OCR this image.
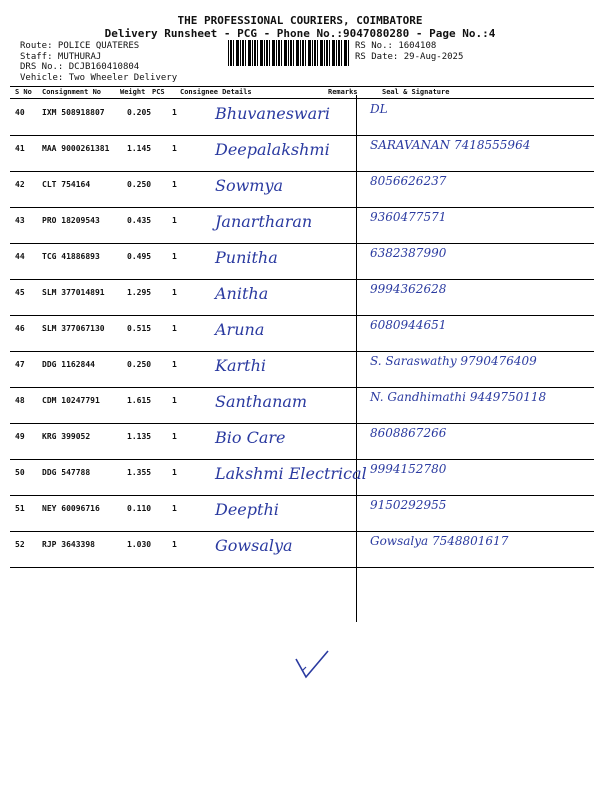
THE PROFESSIONAL COURIERS, COIMBATORE
Delivery Runsheet - PCG - Phone No.:9047080280 - Page No.:4
Route: POLICE QUATERES
Staff: MUTHURAJ
DRS No.: DCJB160410804
Vehicle: Two Wheeler Delivery
RS No.: 1604108
RS Date: 29-Aug-2025
S No Consignment No	Weight PCS Consignee Details	Remarks	Seal & Signature
40 IXM 508918807	0.205	1 Bhuvaneswari	DL
41 MAA 9000261381 1.145	1 Deepalakshmi	SARAVANAN 7418555964
42 CLT 754164	0.250	1 Sowmya	8056626237
43 PRO 18209543	0.435	1 Janartharan	9360477571
44 TCG 41886893	0.495	1 Punitha	6382387990
45 SLM 377014891	1.295	1 Anitha	9994362628
46 SLM 377067130	0.515	1 Aruna	6080944651
47 DDG 1162844	0.250	1 Karthi	S. Saraswathy 9790476409
48 CDM 10247791	1.615	1 Santhanam	N. Gandhimathi 9449750118
49 KRG 399052	1.135	1 Bio Care	8608867266
50 DDG 547788	1.355	1 Lakshmi Electrical 9994152780
51 NEY 60096716	0.110	1 Deepthi	9150292955
52 RJP 3643398	1.030	1 Gowsalya	Gowsalya 7548801617
